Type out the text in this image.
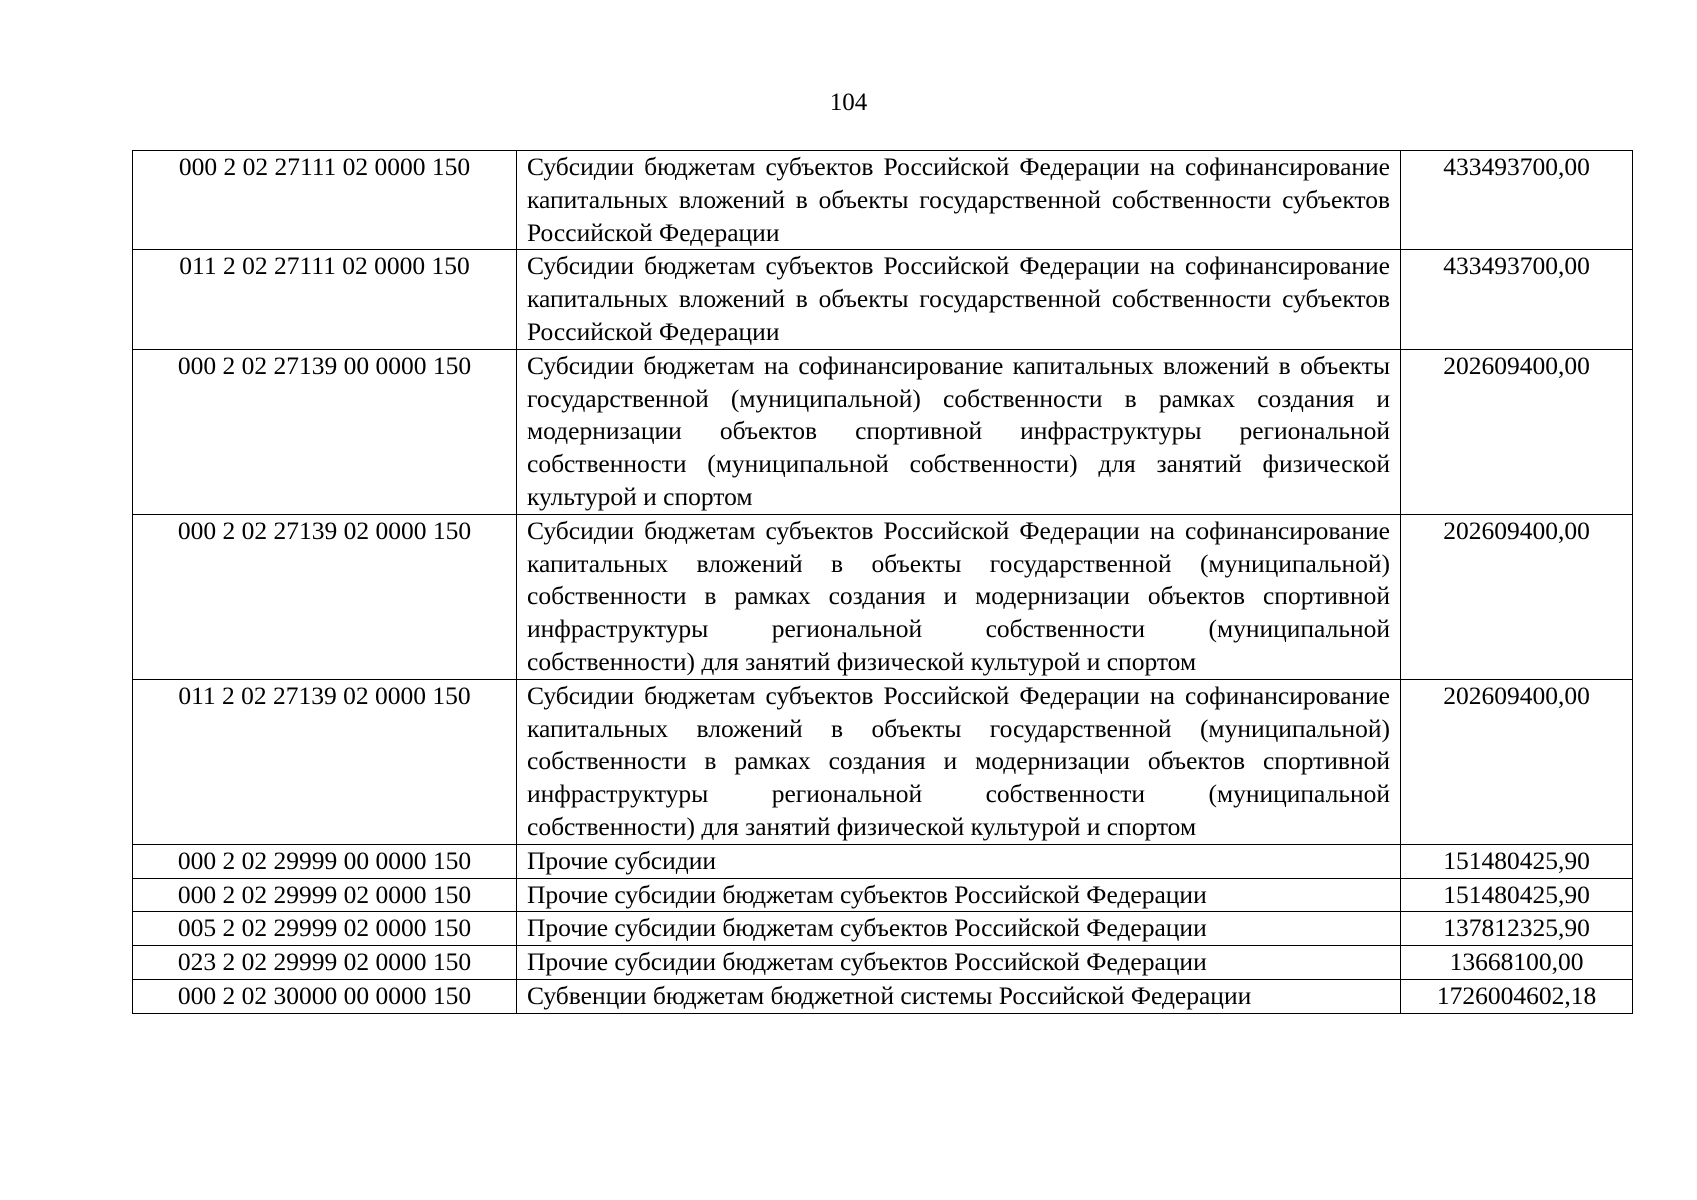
104
000 2 02 27111 02 0000 150	Субсидии бюджетам субъектов Российской Федерации на софинансирование капитальных вложений в объекты государственной собственности субъектов Российской Федерации	433493700,00
011 2 02 27111 02 0000 150	Субсидии бюджетам субъектов Российской Федерации на софинансирование капитальных вложений в объекты государственной собственности субъектов Российской Федерации	433493700,00
000 2 02 27139 00 0000 150	Субсидии бюджетам на софинансирование капитальных вложений в объекты государственной (муниципальной) собственности в рамках создания и модернизации объектов спортивной инфраструктуры региональной собственности (муниципальной собственности) для занятий физической культурой и спортом	202609400,00
000 2 02 27139 02 0000 150	Субсидии бюджетам субъектов Российской Федерации на софинансирование капитальных вложений в объекты государственной (муниципальной) собственности в рамках создания и модернизации объектов спортивной инфраструктуры региональной собственности (муниципальной собственности) для занятий физической культурой и спортом	202609400,00
011 2 02 27139 02 0000 150	Субсидии бюджетам субъектов Российской Федерации на софинансирование капитальных вложений в объекты государственной (муниципальной) собственности в рамках создания и модернизации объектов спортивной инфраструктуры региональной собственности (муниципальной собственности) для занятий физической культурой и спортом	202609400,00
000 2 02 29999 00 0000 150	Прочие субсидии	151480425,90
000 2 02 29999 02 0000 150	Прочие субсидии бюджетам субъектов Российской Федерации	151480425,90
005 2 02 29999 02 0000 150	Прочие субсидии бюджетам субъектов Российской Федерации	137812325,90
023 2 02 29999 02 0000 150	Прочие субсидии бюджетам субъектов Российской Федерации	13668100,00
000 2 02 30000 00 0000 150	Субвенции бюджетам бюджетной системы Российской Федерации	1726004602,18
